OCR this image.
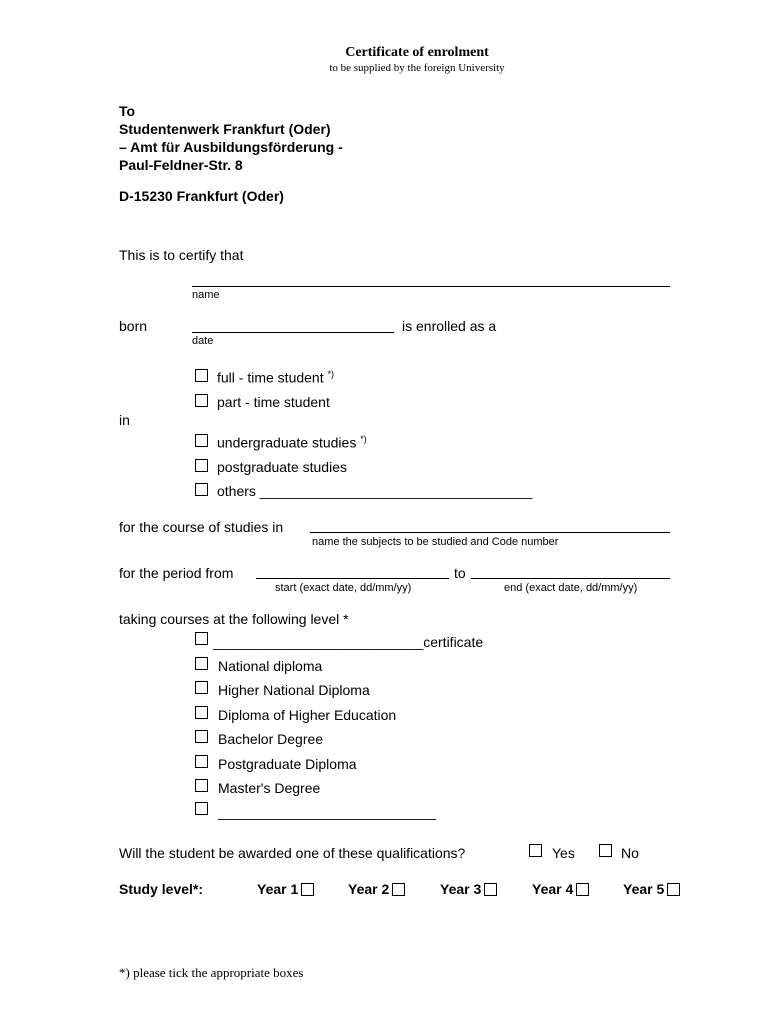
Certificate of enrolment
to be supplied by the foreign University
To
Studentenwerk Frankfurt (Oder)
– Amt für Ausbildungsförderung -
Paul-Feldner-Str. 8
D-15230 Frankfurt (Oder)
This is to certify that
name
born	is enrolled as a
date
full - time student *)
part - time student
in
undergraduate studies *)
postgraduate studies
others ___________________________________
for the course of studies in
name the subjects to be studied and Code number
for the period from	to
start (exact date, dd/mm/yy)	end (exact date, dd/mm/yy)
taking courses at the following level *
___________________________certificate
National diploma
Higher National Diploma
Diploma of Higher Education
Bachelor Degree
Postgraduate Diploma
Master's Degree
____________________________
Will the student be awarded one of these qualifications?	Yes	No
Study level*:	Year 1	Year 2	Year 3	Year 4	Year 5
*) please tick the appropriate boxes
